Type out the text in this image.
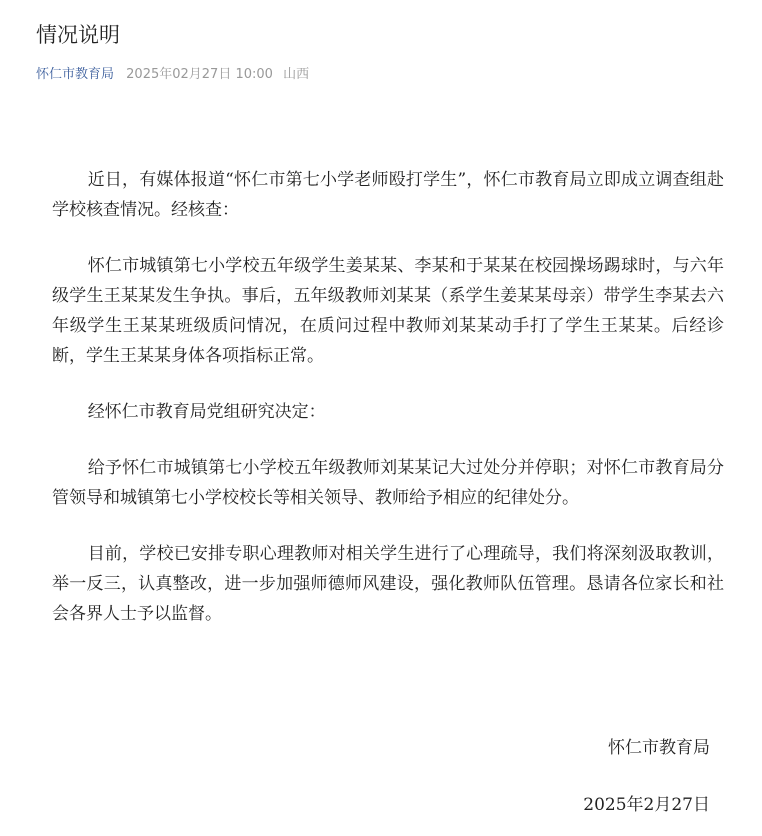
情况说明
怀仁市教育局 2025年02月27日 10:00 山西

近日，有媒体报道“怀仁市第七小学老师殴打学生”，怀仁市教育局立即成立调查组赴学校核查情况。经核查：

怀仁市城镇第七小学校五年级学生姜某某、李某和于某某在校园操场踢球时，与六年级学生王某某发生争执。事后，五年级教师刘某某（系学生姜某某母亲）带学生李某去六年级学生王某某班级质问情况，在质问过程中教师刘某某动手打了学生王某某。后经诊断，学生王某某身体各项指标正常。

经怀仁市教育局党组研究决定：

给予怀仁市城镇第七小学校五年级教师刘某某记大过处分并停职；对怀仁市教育局分管领导和城镇第七小学校校长等相关领导、教师给予相应的纪律处分。

目前，学校已安排专职心理教师对相关学生进行了心理疏导，我们将深刻汲取教训，举一反三，认真整改，进一步加强师德师风建设，强化教师队伍管理。恳请各位家长和社会各界人士予以监督。

怀仁市教育局
2025年2月27日
